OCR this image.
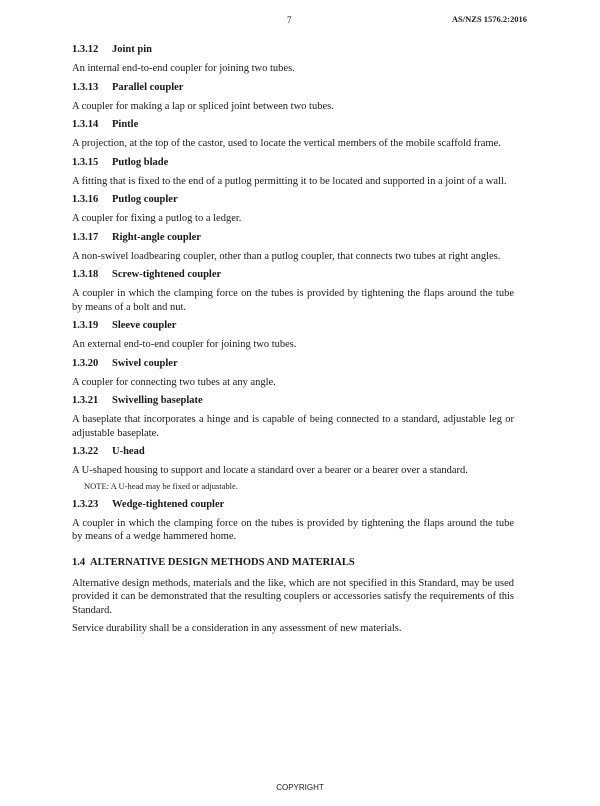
7	AS/NZS 1576.2:2016

1.3.12 Joint pin

An internal end-to-end coupler for joining two tubes.

1.3.13 Parallel coupler

A coupler for making a lap or spliced joint between two tubes.

1.3.14 Pintle

A projection, at the top of the castor, used to locate the vertical members of the mobile scaffold frame.

1.3.15 Putlog blade

A fitting that is fixed to the end of a putlog permitting it to be located and supported in a joint of a wall.

1.3.16 Putlog coupler

A coupler for fixing a putlog to a ledger.

1.3.17 Right-angle coupler

A non-swivel loadbearing coupler, other than a putlog coupler, that connects two tubes at right angles.

1.3.18 Screw-tightened coupler

A coupler in which the clamping force on the tubes is provided by tightening the flaps around the tube by means of a bolt and nut.

1.3.19 Sleeve coupler

An external end-to-end coupler for joining two tubes.

1.3.20 Swivel coupler

A coupler for connecting two tubes at any angle.

1.3.21 Swivelling baseplate

A baseplate that incorporates a hinge and is capable of being connected to a standard, adjustable leg or adjustable baseplate.

1.3.22 U-head

A U-shaped housing to support and locate a standard over a bearer or a bearer over a standard.

NOTE: A U-head may be fixed or adjustable.

1.3.23 Wedge-tightened coupler

A coupler in which the clamping force on the tubes is provided by tightening the flaps around the tube by means of a wedge hammered home.

1.4 ALTERNATIVE DESIGN METHODS AND MATERIALS

Alternative design methods, materials and the like, which are not specified in this Standard, may be used provided it can be demonstrated that the resulting couplers or accessories satisfy the requirements of this Standard.

Service durability shall be a consideration in any assessment of new materials.

COPYRIGHT
